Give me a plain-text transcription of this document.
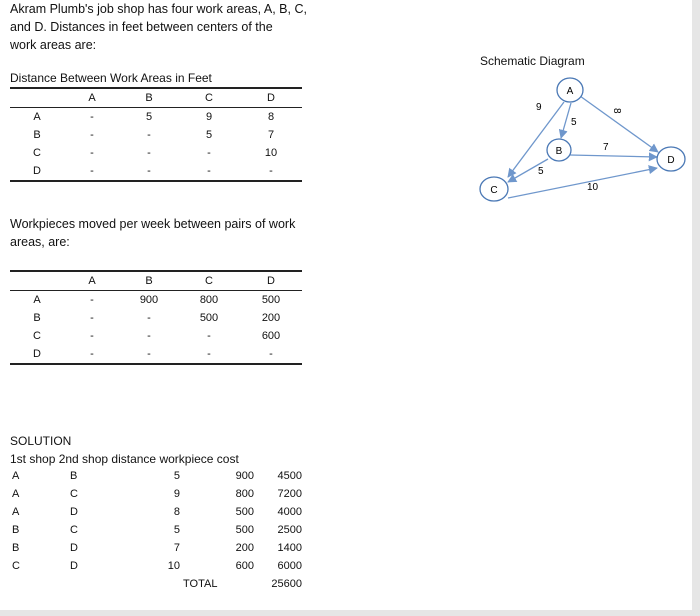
Akram Plumb's job shop has four work areas, A, B, C,
and D. Distances in feet between centers of the
work areas are:
Distance Between Work Areas in Feet
	A	B	C	D
A	-	5	9	8
B	-	-	5	7
C	-	-	-	10
D	-	-	-	-
Workpieces moved per week between pairs of work
areas, are:
	A	B	C	D
A	-	900	800	500
B	-	-	500	200
C	-	-	-	600
D	-	-	-	-
SOLUTION
1st shop 2nd shop distance workpiece cost
A	B	5	900 4500
A	C	9	800 7200
A	D	8	500 4000
B	C	5	500 2500
B	D	7	200 1400
C	D	10	600 6000
TOTAL	25600
Schematic Diagram
9
5
8
7
5
10
A
B
C
D
